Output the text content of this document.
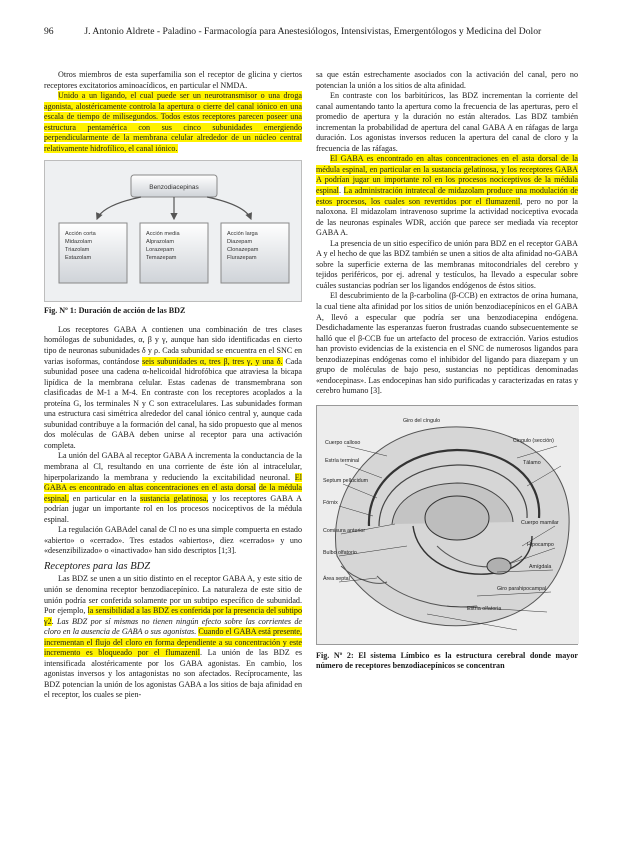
96	J. Antonio Aldrete - Paladino - Farmacología para Anestesiólogos, Intensivistas, Emergentólogos y Medicina del Dolor

Otros miembros de esta superfamilia son el receptor de glicina y ciertos receptores excitatorios aminoacídicos, en particular el NMDA.

Unido a un ligando, el cual puede ser un neurotransmisor o una droga agonista, alostéricamente controla la apertura o cierre del canal iónico en una escala de tiempo de milisegundos. Todos estos receptores parecen poseer una estructura pentamérica con sus cinco subunidades emergiendo perpendicularmente de la membrana celular alrededor de un núcleo central relativamente hidrofílico, el canal iónico.

Benzodiacepinas
Acción corta Midazolam Triazolam Estazolam
Acción media Alprazolam Lorazepam Temazepam
Acción larga Diazepam Clonazepam Flurazepam

Fig. Nº 1: Duración de acción de las BDZ

Los receptores GABA A contienen una combinación de tres clases homólogas de subunidades, α, β y γ, aunque han sido identificadas en cierto tipo de neuronas subunidades δ y ρ. Cada subunidad se encuentra en el SNC en varias isoformas, contándose seis subunidades α, tres β, tres γ, y una δ. Cada subunidad posee una cadena α-helicoidal hidrofóbica que atraviesa la bicapa lipídica de la membrana celular. Estas cadenas de transmembrana son clasificadas de M-1 a M-4. En contraste con los receptores acoplados a la proteína G, los terminales N y C son extracelulares. Las subunidades forman una estructura casi simétrica alrededor del canal iónico central y, aunque cada subunidad contribuye a la formación del canal, ha sido propuesto que al menos dos moléculas de GABA deben unirse al receptor para una activación completa.

La unión del GABA al receptor GABA A incrementa la conductancia de la membrana al Cl, resultando en una corriente de éste ión al intracelular, hiperpolarizando la membrana y reduciendo la excitabilidad neuronal. El GABA es encontrado en altas concentraciones en el asta dorsal de la médula espinal, en particular en la sustancia gelatinosa, y los receptores GABA A podrían jugar un importante rol en los procesos nociceptivos de la médula espinal.

La regulación GABAdel canal de Cl no es una simple compuerta en estado «abierto» o «cerrado». Tres estados «abiertos», diez «cerrados» y uno «desenzibilizado» o «inactivado» han sido descriptos [1;3].

Receptores para las BDZ

Las BDZ se unen a un sitio distinto en el receptor GABA A, y este sitio de unión se denomina receptor benzodiacepínico. La naturaleza de este sitio de unión podría ser conferida solamente por un subtipo específico de subunidad. Por ejemplo, la sensibilidad a las BDZ es conferida por la presencia del subtipo γ2. Las BDZ por sí mismas no tienen ningún efecto sobre las corrientes de cloro en la ausencia de GABA o sus agonistas. Cuando el GABA está presente, incrementan el flujo del cloro en forma dependiente a su concentración y este incremento es bloqueado por el flumazenil. La unión de las BDZ es intensificada alostéricamente por los GABA agonistas. En cambio, los agonistas inversos y los antagonistas no son afectados. Recíprocamente, las BDZ potencian la unión de los agonistas GABA a los sitios de baja afinidad en el receptor, los cuales se pien-

sa que están estrechamente asociados con la activación del canal, pero no potencian la unión a los sitios de alta afinidad.

En contraste con los barbitúricos, las BDZ incrementan la corriente del canal aumentando tanto la apertura como la frecuencia de las aperturas, pero el promedio de apertura y la duración no están alterados. Las BDZ también incrementan la probabilidad de apertura del canal GABA A en ráfagas de larga duración. Los agonistas inversos reducen la apertura del canal de cloro y la frecuencia de las ráfagas.

El GABA es encontrado en altas concentraciones en el asta dorsal de la médula espinal, en particular en la sustancia gelatinosa, y los receptores GABA A podrían jugar un importante rol en los procesos nociceptivos de la médula espinal. La administración intratecal de midazolam produce una modulación de estos procesos, los cuales son revertidos por el flumazenil, pero no por la naloxona. El midazolam intravenoso suprime la actividad nociceptiva evocada de las neuronas espinales WDR, acción que parece ser mediada vía receptor GABA A.

La presencia de un sitio específico de unión para BDZ en el receptor GABA A y el hecho de que las BDZ también se unen a sitios de alta afinidad no-GABA sobre la superficie externa de las membranas mitocondriales del cerebro y tejidos periféricos, por ej. adrenal y testículos, ha llevado a especular sobre cuáles sustancias podrían ser los ligandos endógenos de éstos sitios.

El descubrimiento de la β-carbolina (β-CCB) en extractos de orina humana, la cual tiene alta afinidad por los sitios de unión benzodiacepínicos en el GABA A, llevó a especular que podría ser una benzodiacepina endógena. Desdichadamente las esperanzas fueron frustradas cuando subsecuentemente se halló que el β-CCB fue un artefacto del proceso de extracción. Varios estudios han provisto evidencias de la existencia en el SNC de numerosos ligandos para benzodiazepinas endógenas como el inhibidor del ligando para diazepam y un grupo de moléculas de bajo peso, sustancias no peptídicas denominadas «endocepinas». Las endocepinas han sido purificadas y caracterizadas en ratas y cerebro humano [3].

Giro del cíngulo
Cuerpo calloso	Cingulo (sección)
Estría terminal
Septum pellucidum
Fórnix
Tálamo
Comisura anterior
Bulbo olfatorio
Área septal
Cuerpo mamilar
Hipocampo
Amígdala
Giro parahipocampal
Estría olfatoria

Fig. Nº 2: El sistema Límbico es la estructura cerebral donde mayor número de receptores benzodiacepínicos se concentran
